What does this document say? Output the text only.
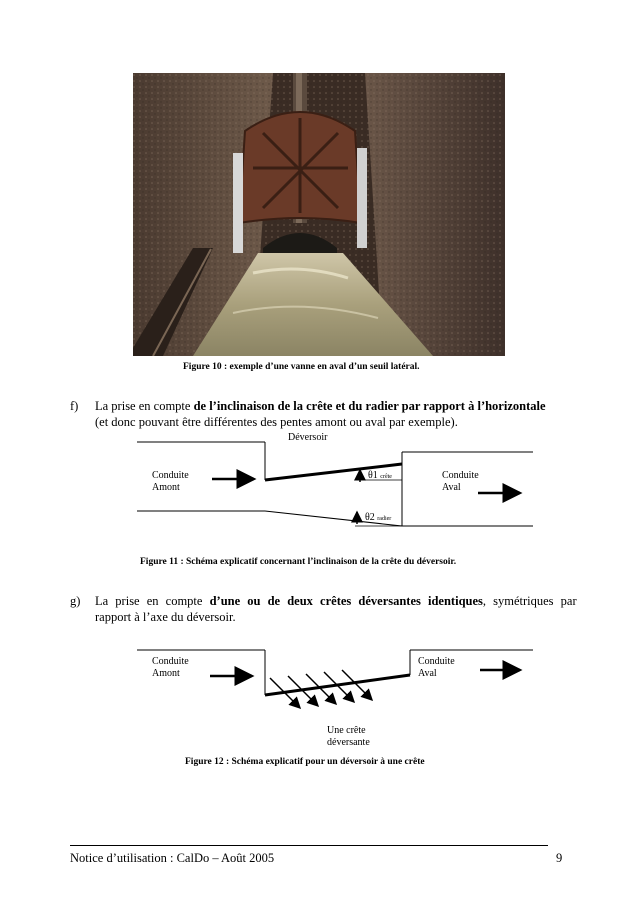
Figure 10 : exemple d’une vanne en aval d’un seuil latéral.
f) La prise en compte de l’inclinaison de la crête et du radier par rapport à l’horizontale
(et donc pouvant être différentes des pentes amont ou aval par exemple).
Déversoir
Conduite
Amont
Conduite
Aval
θ1 crête
θ2 radier
Figure 11 : Schéma explicatif concernant l’inclinaison de la crête du déversoir.
g) La prise en compte d’une ou de deux crêtes déversantes identiques, symétriques par
rapport à l’axe du déversoir.
Conduite
Amont
Conduite
Aval
Une crête
déversante
Figure 12 : Schéma explicatif pour un déversoir à une crête
Notice d’utilisation : CalDo – Août 2005	9
